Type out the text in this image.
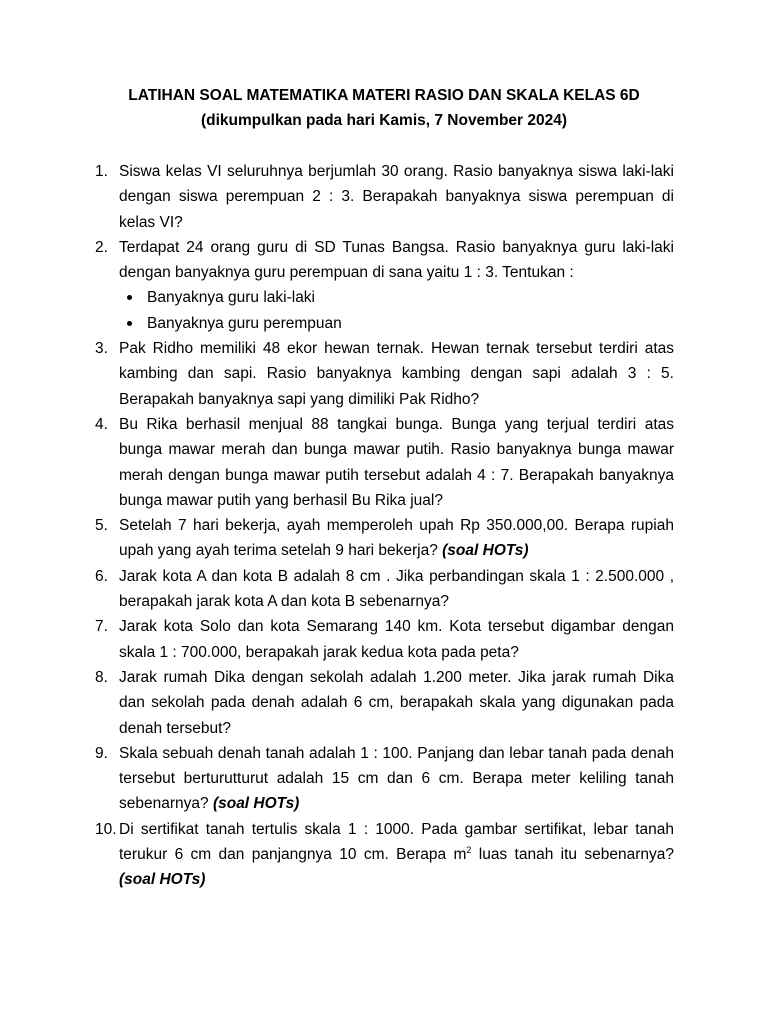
LATIHAN SOAL MATEMATIKA MATERI RASIO DAN SKALA KELAS 6D
(dikumpulkan pada hari Kamis, 7 November 2024)
1. Siswa kelas VI seluruhnya berjumlah 30 orang. Rasio banyaknya siswa laki-laki dengan siswa perempuan 2 : 3. Berapakah banyaknya siswa perempuan di kelas VI?
2. Terdapat 24 orang guru di SD Tunas Bangsa. Rasio banyaknya guru laki-laki dengan banyaknya guru perempuan di sana yaitu 1 : 3. Tentukan :
Banyaknya guru laki-laki
Banyaknya guru perempuan
3. Pak Ridho memiliki 48 ekor hewan ternak. Hewan ternak tersebut terdiri atas kambing dan sapi. Rasio banyaknya kambing dengan sapi adalah 3 : 5. Berapakah banyaknya sapi yang dimiliki Pak Ridho?
4. Bu Rika berhasil menjual 88 tangkai bunga. Bunga yang terjual terdiri atas bunga mawar merah dan bunga mawar putih. Rasio banyaknya bunga mawar merah dengan bunga mawar putih tersebut adalah 4 : 7. Berapakah banyaknya bunga mawar putih yang berhasil Bu Rika jual?
5. Setelah 7 hari bekerja, ayah memperoleh upah Rp 350.000,00. Berapa rupiah upah yang ayah terima setelah 9 hari bekerja? (soal HOTs)
6. Jarak kota A dan kota B adalah 8 cm . Jika perbandingan skala 1 : 2.500.000 , berapakah jarak kota A dan kota B sebenarnya?
7. Jarak kota Solo dan kota Semarang 140 km. Kota tersebut digambar dengan skala 1 : 700.000, berapakah jarak kedua kota pada peta?
8. Jarak rumah Dika dengan sekolah adalah 1.200 meter. Jika jarak rumah Dika dan sekolah pada denah adalah 6 cm, berapakah skala yang digunakan pada denah tersebut?
9. Skala sebuah denah tanah adalah 1 : 100. Panjang dan lebar tanah pada denah tersebut berturutturut adalah 15 cm dan 6 cm. Berapa meter keliling tanah sebenarnya? (soal HOTs)
10. Di sertifikat tanah tertulis skala 1 : 1000. Pada gambar sertifikat, lebar tanah terukur 6 cm dan panjangnya 10 cm. Berapa $m^2$ luas tanah itu sebenarnya? (soal HOTs)
